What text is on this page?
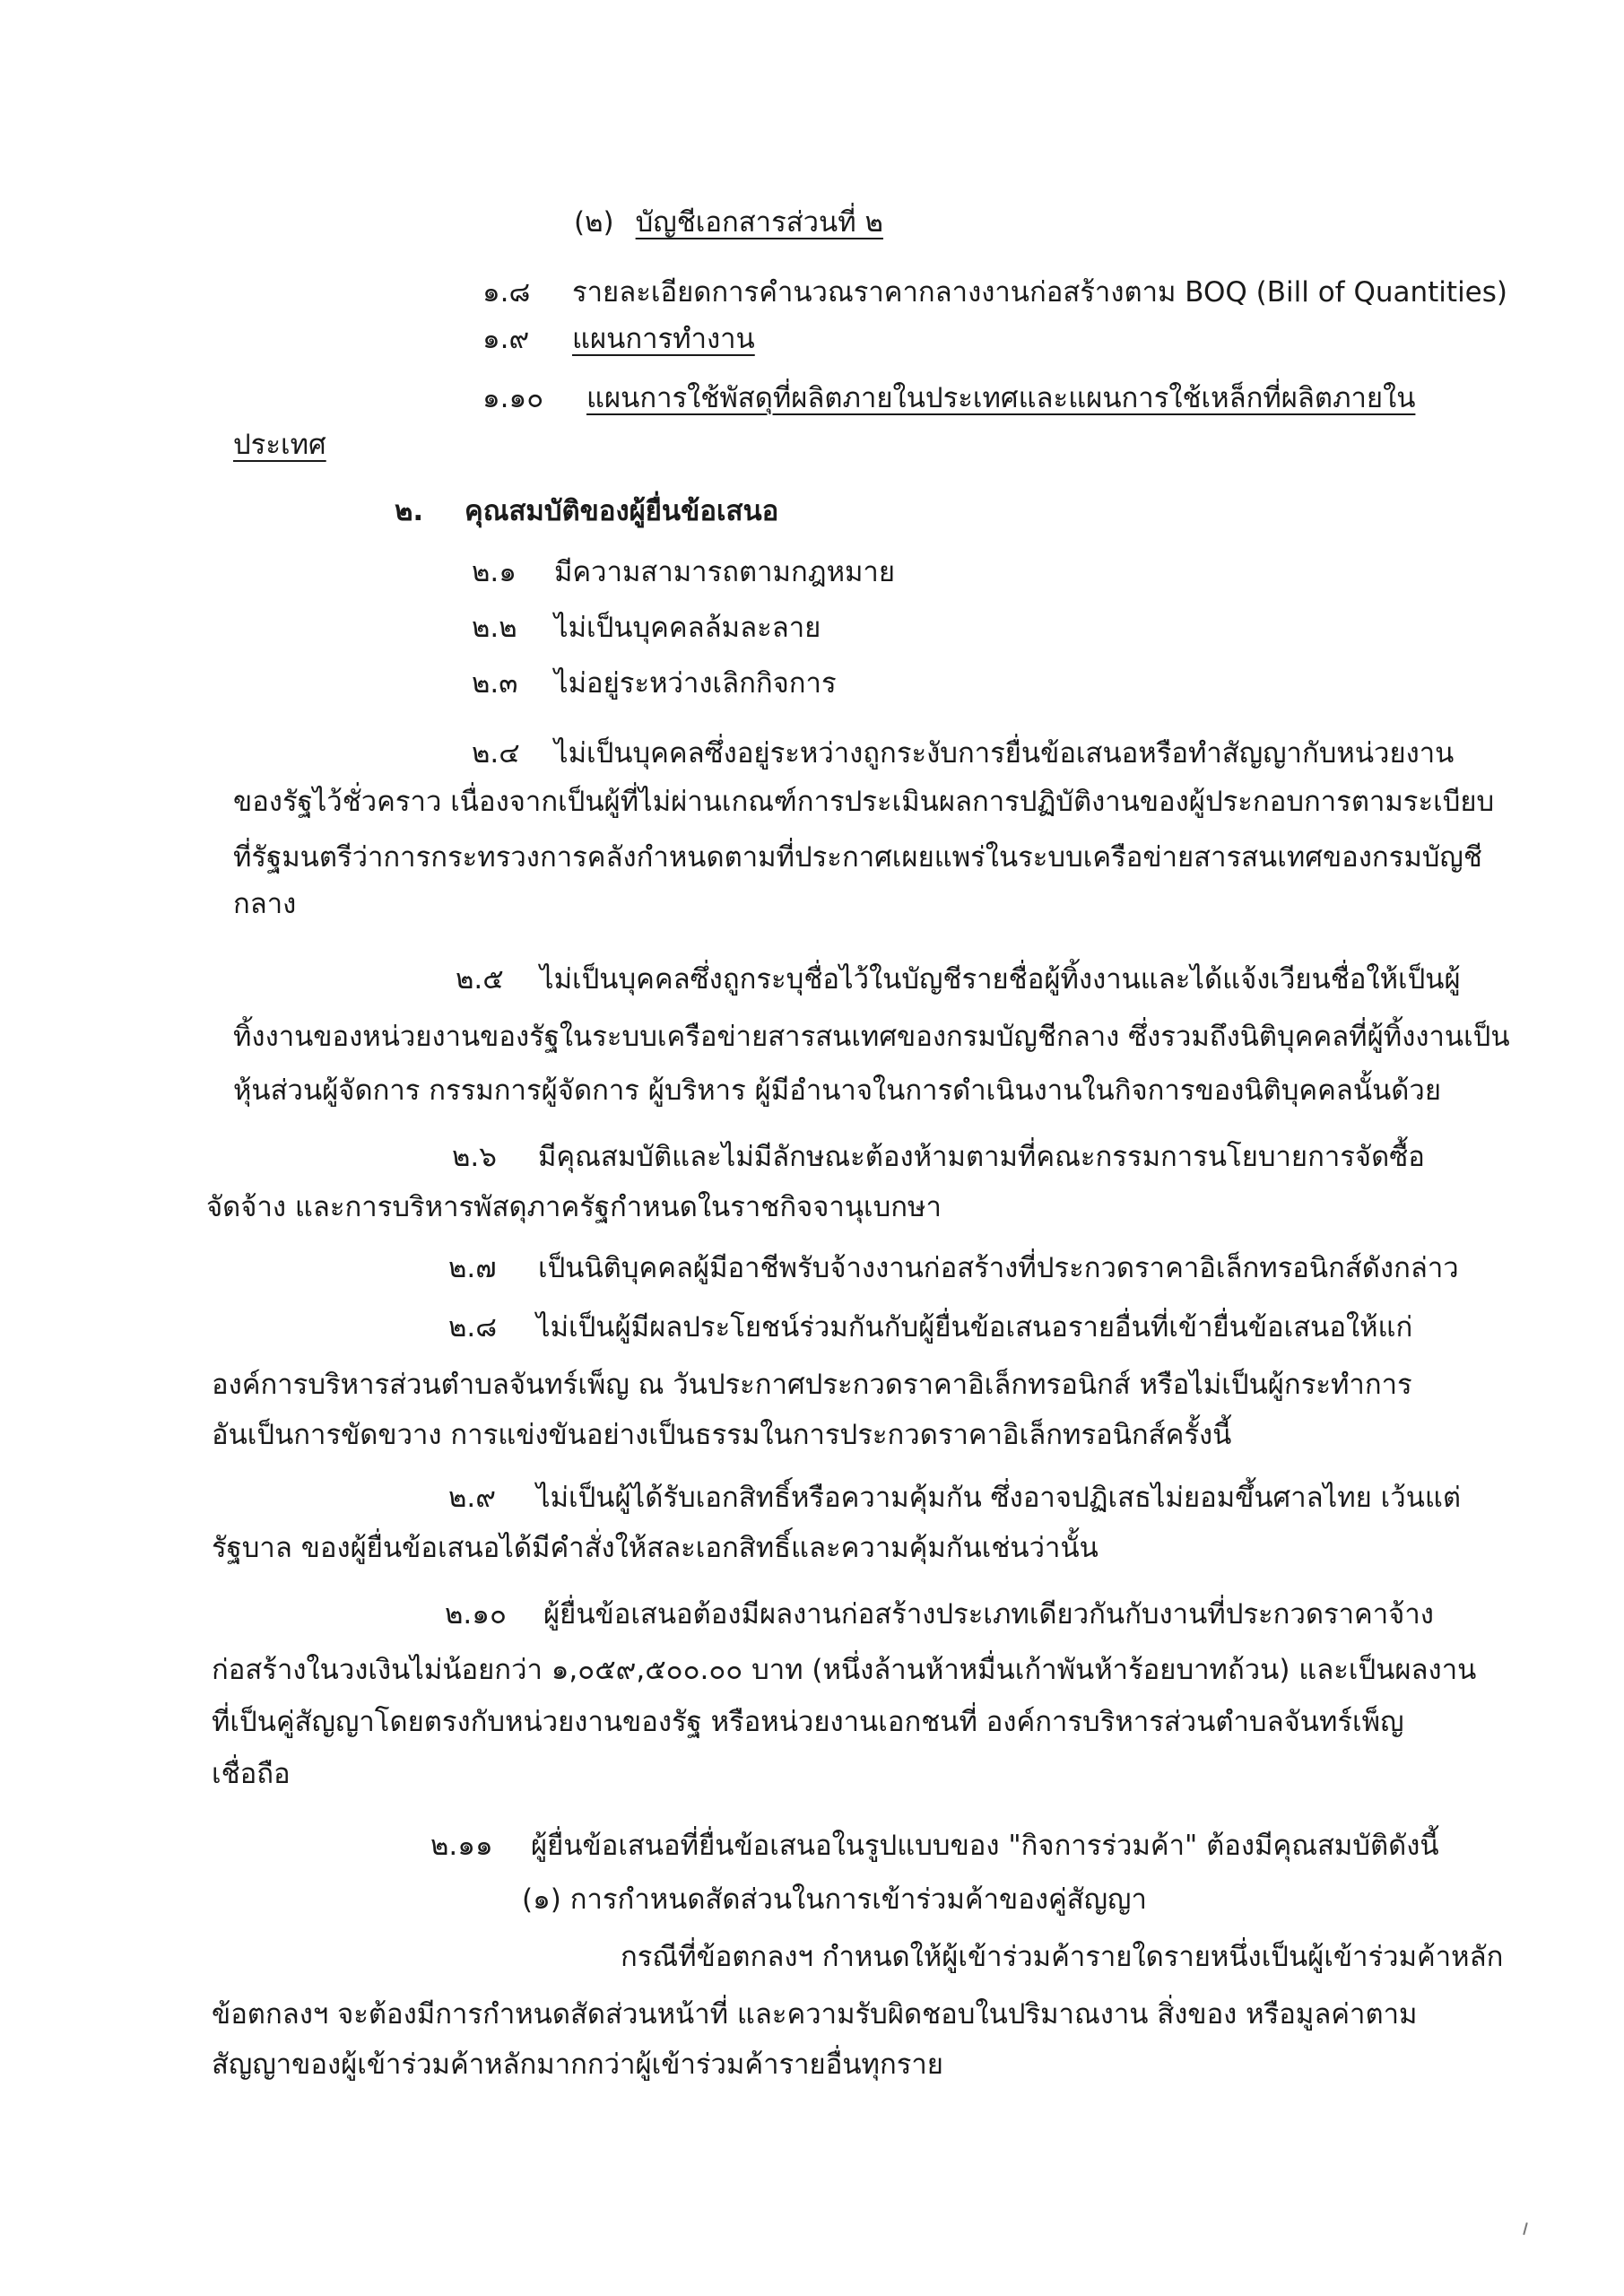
(๒) บัญชีเอกสารส่วนที่ ๒
๑.๘ รายละเอียดการคำนวณราคากลางงานก่อสร้างตาม BOQ (Bill of Quantities)
๑.๙ แผนการทำงาน
๑.๑๐ แผนการใช้พัสดุที่ผลิตภายในประเทศและแผนการใช้เหล็กที่ผลิตภายใน
ประเทศ
๒. คุณสมบัติของผู้ยื่นข้อเสนอ
๒.๑ มีความสามารถตามกฎหมาย
๒.๒ ไม่เป็นบุคคลล้มละลาย
๒.๓ ไม่อยู่ระหว่างเลิกกิจการ
๒.๔ ไม่เป็นบุคคลซึ่งอยู่ระหว่างถูกระงับการยื่นข้อเสนอหรือทำสัญญากับหน่วยงาน
ของรัฐไว้ชั่วคราว เนื่องจากเป็นผู้ที่ไม่ผ่านเกณฑ์การประเมินผลการปฏิบัติงานของผู้ประกอบการตามระเบียบ
ที่รัฐมนตรีว่าการกระทรวงการคลังกำหนดตามที่ประกาศเผยแพร่ในระบบเครือข่ายสารสนเทศของกรมบัญชี
กลาง
๒.๕ ไม่เป็นบุคคลซึ่งถูกระบุชื่อไว้ในบัญชีรายชื่อผู้ทิ้งงานและได้แจ้งเวียนชื่อให้เป็นผู้
ทิ้งงานของหน่วยงานของรัฐในระบบเครือข่ายสารสนเทศของกรมบัญชีกลาง ซึ่งรวมถึงนิติบุคคลที่ผู้ทิ้งงานเป็น
หุ้นส่วนผู้จัดการ กรรมการผู้จัดการ ผู้บริหาร ผู้มีอำนาจในการดำเนินงานในกิจการของนิติบุคคลนั้นด้วย
๒.๖ มีคุณสมบัติและไม่มีลักษณะต้องห้ามตามที่คณะกรรมการนโยบายการจัดซื้อ
จัดจ้าง และการบริหารพัสดุภาครัฐกำหนดในราชกิจจานุเบกษา
๒.๗ เป็นนิติบุคคลผู้มีอาชีพรับจ้างงานก่อสร้างที่ประกวดราคาอิเล็กทรอนิกส์ดังกล่าว
๒.๘ ไม่เป็นผู้มีผลประโยชน์ร่วมกันกับผู้ยื่นข้อเสนอรายอื่นที่เข้ายื่นข้อเสนอให้แก่
องค์การบริหารส่วนตำบลจันทร์เพ็ญ ณ วันประกาศประกวดราคาอิเล็กทรอนิกส์ หรือไม่เป็นผู้กระทำการ
อันเป็นการขัดขวาง การแข่งขันอย่างเป็นธรรมในการประกวดราคาอิเล็กทรอนิกส์ครั้งนี้
๒.๙ ไม่เป็นผู้ได้รับเอกสิทธิ์หรือความคุ้มกัน ซึ่งอาจปฏิเสธไม่ยอมขึ้นศาลไทย เว้นแต่
รัฐบาล ของผู้ยื่นข้อเสนอได้มีคำสั่งให้สละเอกสิทธิ์และความคุ้มกันเช่นว่านั้น
๒.๑๐ ผู้ยื่นข้อเสนอต้องมีผลงานก่อสร้างประเภทเดียวกันกับงานที่ประกวดราคาจ้าง
ก่อสร้างในวงเงินไม่น้อยกว่า ๑,๐๕๙,๕๐๐.๐๐ บาท (หนึ่งล้านห้าหมื่นเก้าพันห้าร้อยบาทถ้วน) และเป็นผลงาน
ที่เป็นคู่สัญญาโดยตรงกับหน่วยงานของรัฐ หรือหน่วยงานเอกชนที่ องค์การบริหารส่วนตำบลจันทร์เพ็ญ
เชื่อถือ
๒.๑๑ ผู้ยื่นข้อเสนอที่ยื่นข้อเสนอในรูปแบบของ "กิจการร่วมค้า" ต้องมีคุณสมบัติดังนี้
(๑) การกำหนดสัดส่วนในการเข้าร่วมค้าของคู่สัญญา
กรณีที่ข้อตกลงฯ กำหนดให้ผู้เข้าร่วมค้ารายใดรายหนึ่งเป็นผู้เข้าร่วมค้าหลัก
ข้อตกลงฯ จะต้องมีการกำหนดสัดส่วนหน้าที่ และความรับผิดชอบในปริมาณงาน สิ่งของ หรือมูลค่าตาม
สัญญาของผู้เข้าร่วมค้าหลักมากกว่าผู้เข้าร่วมค้ารายอื่นทุกราย
